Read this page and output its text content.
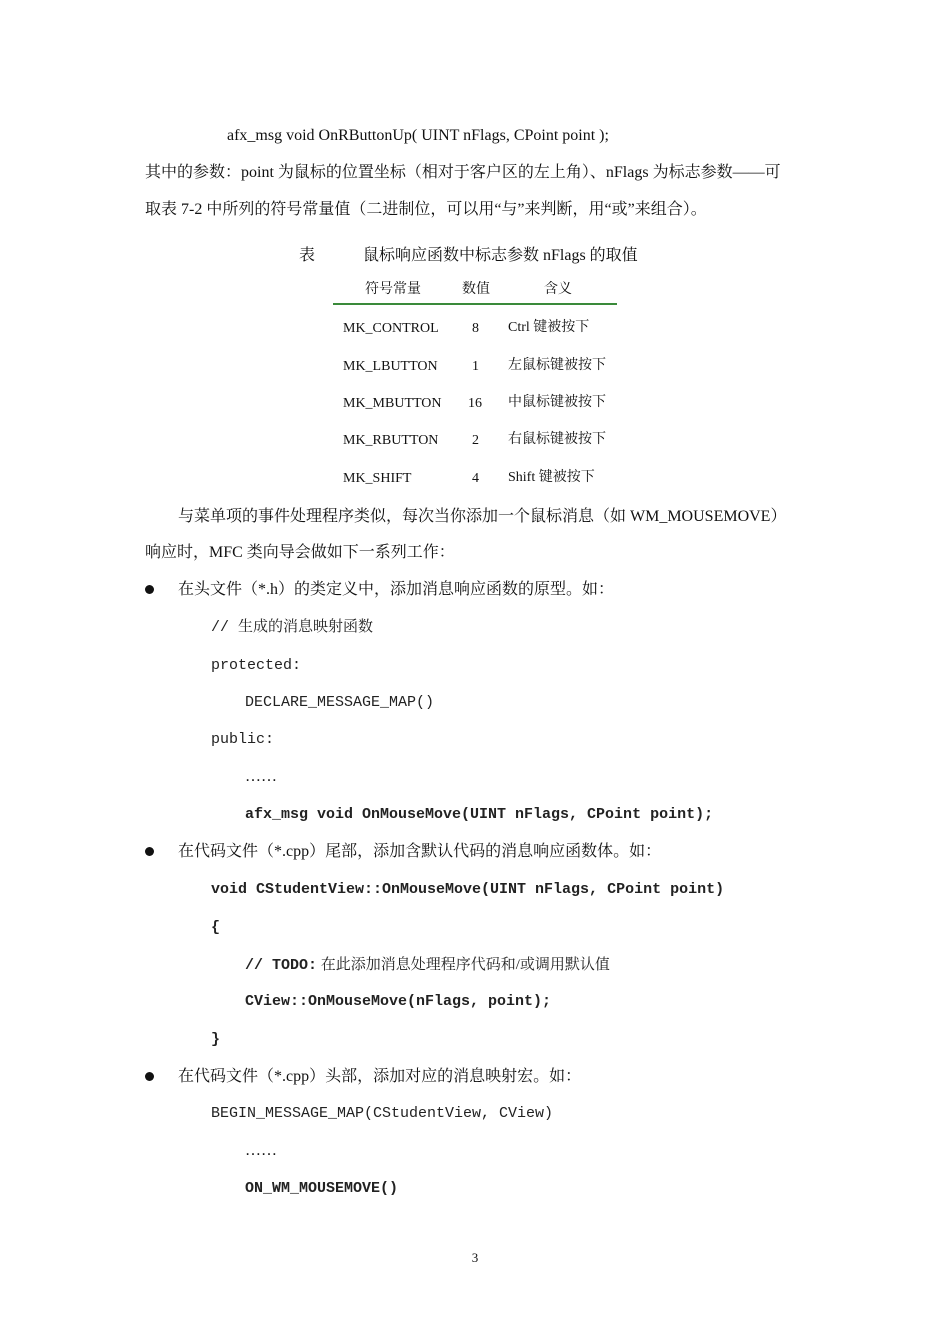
afx_msg void OnRButtonUp( UINT nFlags, CPoint point );
其中的参数：point 为鼠标的位置坐标（相对于客户区的左上角）、nFlags 为标志参数——可
取表 7-2 中所列的符号常量值（二进制位，可以用“与”来判断，用“或”来组合）。
表	鼠标响应函数中标志参数 nFlags 的取值
符号常量	数值	含义
MK_CONTROL 8 Ctrl 键被按下
MK_LBUTTON 1 左鼠标键被按下
MK_MBUTTON 16 中鼠标键被按下
MK_RBUTTON 2 右鼠标键被按下
MK_SHIFT	4 Shift 键被按下
与菜单项的事件处理程序类似，每次当你添加一个鼠标消息（如 WM_MOUSEMOVE）
响应时，MFC 类向导会做如下一系列工作：
在头文件（*.h）的类定义中，添加消息响应函数的原型。如：
// 生成的消息映射函数
protected:
DECLARE_MESSAGE_MAP()
public:
……
afx_msg void OnMouseMove(UINT nFlags, CPoint point);
在代码文件（*.cpp）尾部，添加含默认代码的消息响应函数体。如：
void CStudentView::OnMouseMove(UINT nFlags, CPoint point)
{
// TODO: 在此添加消息处理程序代码和/或调用默认值
CView::OnMouseMove(nFlags, point);
}
在代码文件（*.cpp）头部，添加对应的消息映射宏。如：
BEGIN_MESSAGE_MAP(CStudentView, CView)
……
ON_WM_MOUSEMOVE()
3
